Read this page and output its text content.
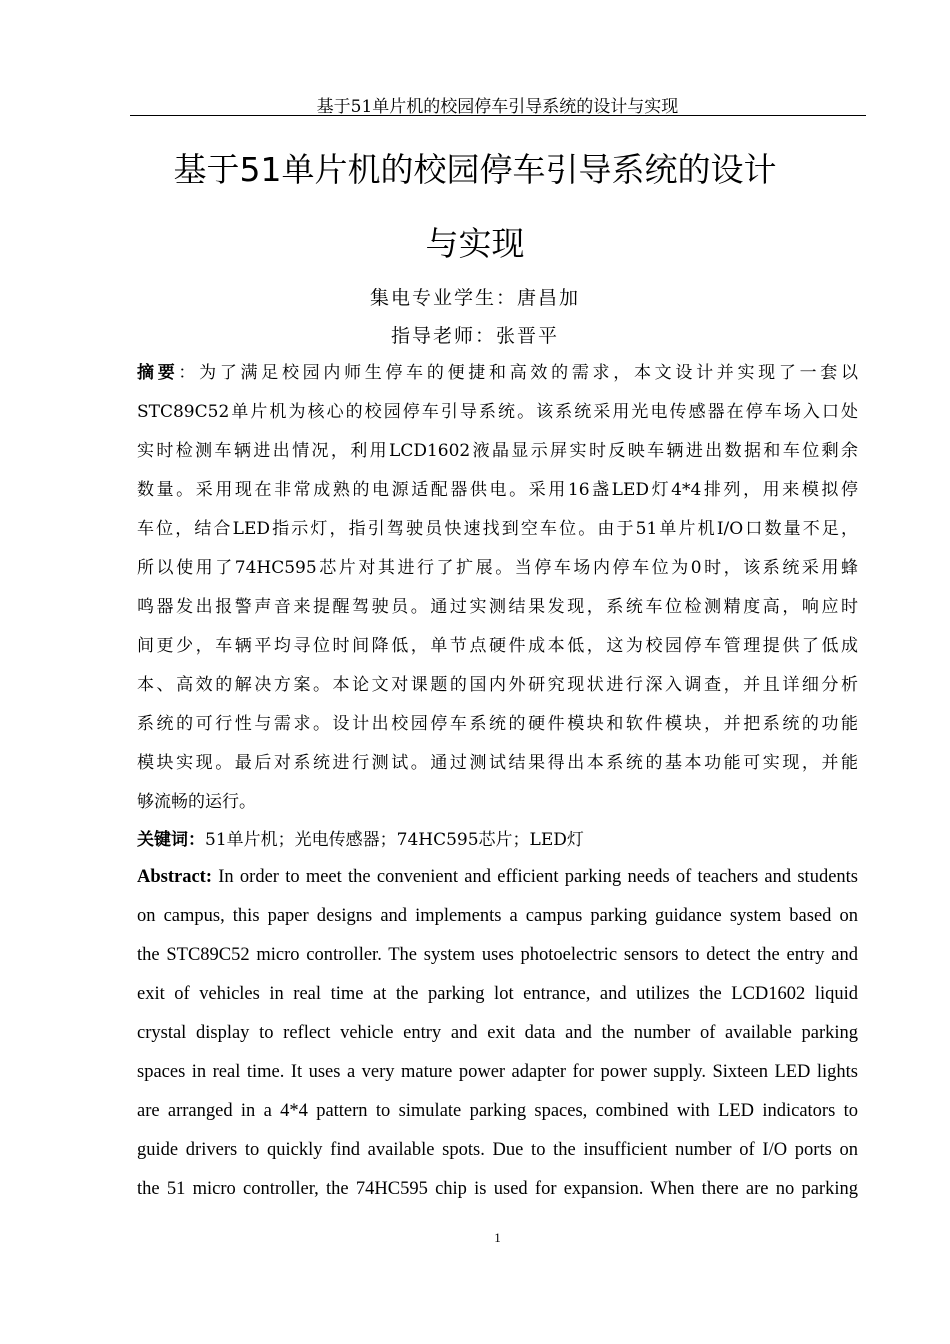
基于51单片机的校园停车引导系统的设计与实现
基于51单片机的校园停车引导系统的设计
与实现
集电专业学生：唐昌加
指导老师：张晋平
摘要：为了满足校园内师生停车的便捷和高效的需求，本文设计并实现了一套以
STC89C52单片机为核心的校园停车引导系统。该系统采用光电传感器在停车场入口处
实时检测车辆进出情况，利用LCD1602液晶显示屏实时反映车辆进出数据和车位剩余
数量。采用现在非常成熟的电源适配器供电。采用16盏LED灯4*4排列，用来模拟停
车位，结合LED指示灯，指引驾驶员快速找到空车位。由于51单片机I/O口数量不足，
所以使用了74HC595芯片对其进行了扩展。当停车场内停车位为0时，该系统采用蜂
鸣器发出报警声音来提醒驾驶员。通过实测结果发现，系统车位检测精度高，响应时
间更少，车辆平均寻位时间降低，单节点硬件成本低，这为校园停车管理提供了低成
本、高效的解决方案。本论文对课题的国内外研究现状进行深入调查，并且详细分析
系统的可行性与需求。设计出校园停车系统的硬件模块和软件模块，并把系统的功能
模块实现。最后对系统进行测试。通过测试结果得出本系统的基本功能可实现，并能
够流畅的运行。
关键词：51单片机；光电传感器；74HC595芯片；LED灯
Abstract: In order to meet the convenient and efficient parking needs of teachers and students
on campus, this paper designs and implements a campus parking guidance system based on
the STC89C52 micro controller. The system uses photoelectric sensors to detect the entry and
exit of vehicles in real time at the parking lot entrance, and utilizes the LCD1602 liquid
crystal display to reflect vehicle entry and exit data and the number of available parking
spaces in real time. It uses a very mature power adapter for power supply. Sixteen LED lights
are arranged in a 4*4 pattern to simulate parking spaces, combined with LED indicators to
guide drivers to quickly find available spots. Due to the insufficient number of I/O ports on
the 51 micro controller, the 74HC595 chip is used for expansion. When there are no parking
1
